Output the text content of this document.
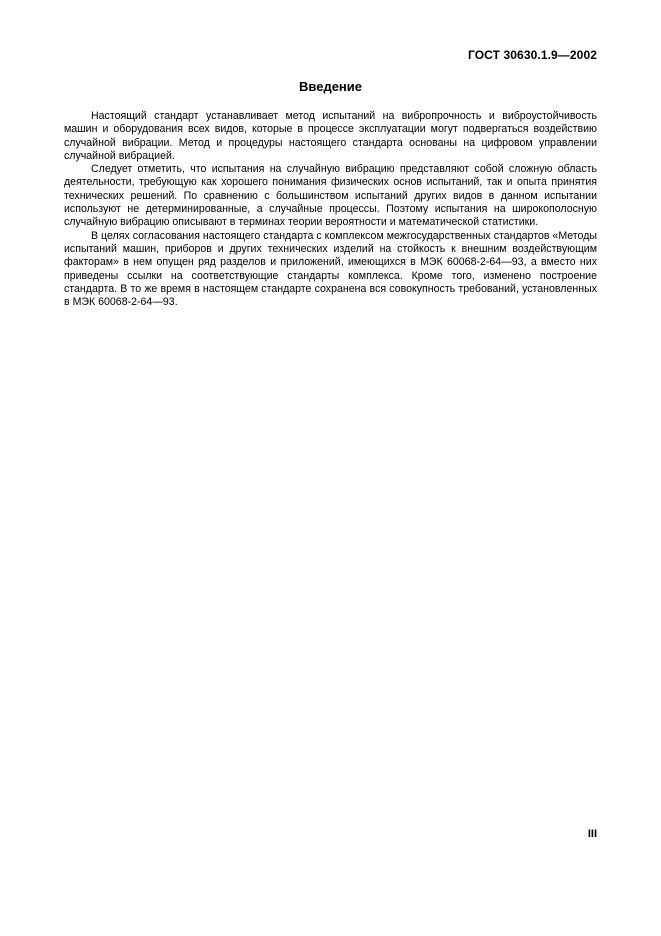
ГОСТ 30630.1.9—2002
Введение

Настоящий стандарт устанавливает метод испытаний на вибропрочность и виброустойчивость машин и оборудования всех видов, которые в процессе эксплуатации могут подвергаться воздействию случайной вибрации. Метод и процедуры настоящего стандарта основаны на цифровом управлении случайной вибрацией.

Следует отметить, что испытания на случайную вибрацию представляют собой сложную область деятельности, требующую как хорошего понимания физических основ испытаний, так и опыта принятия технических решений. По сравнению с большинством испытаний других видов в данном испытании используют не детерминированные, а случайные процессы. Поэтому испытания на широкополосную случайную вибрацию описывают в терминах теории вероятности и математической статистики.

В целях согласования настоящего стандарта с комплексом межгосударственных стандартов «Методы испытаний машин, приборов и других технических изделий на стойкость к внешним воздействующим факторам» в нем опущен ряд разделов и приложений, имеющихся в МЭК 60068-2-64—93, а вместо них приведены ссылки на соответствующие стандарты комплекса. Кроме того, изменено построение стандарта. В то же время в настоящем стандарте сохранена вся совокупность требований, установленных в МЭК 60068-2-64—93.

III
